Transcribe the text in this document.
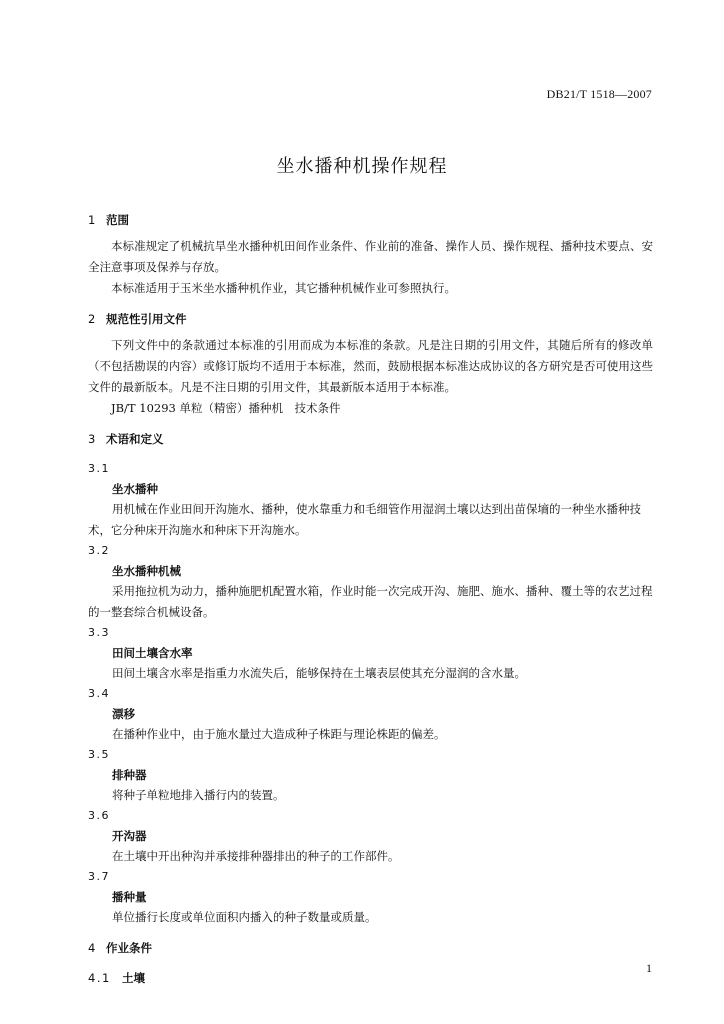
DB21/T 1518—2007
坐水播种机操作规程
1 范围

本标准规定了机械抗旱坐水播种机田间作业条件、作业前的准备、操作人员、操作规程、播种技术要点、安全注意事项及保养与存放。

本标准适用于玉米坐水播种机作业，其它播种机械作业可参照执行。

2 规范性引用文件

下列文件中的条款通过本标准的引用而成为本标准的条款。凡是注日期的引用文件，其随后所有的修改单（不包括勘误的内容）或修订版均不适用于本标准，然而，鼓励根据本标准达成协议的各方研究是否可使用这些文件的最新版本。凡是不注日期的引用文件，其最新版本适用于本标准。

JB/T 10293 单粒（精密）播种机　技术条件

3 术语和定义
3.1
坐水播种

用机械在作业田间开沟施水、播种，使水靠重力和毛细管作用湿润土壤以达到出苗保墒的一种坐水播种技术，它分种床开沟施水和种床下开沟施水。

3.2
坐水播种机械

采用拖拉机为动力，播种施肥机配置水箱，作业时能一次完成开沟、施肥、施水、播种、覆土等的农艺过程的一整套综合机械设备。

3.3
田间土壤含水率

田间土壤含水率是指重力水流失后，能够保持在土壤表层使其充分湿润的含水量。

3.4
漂移

在播种作业中，由于施水量过大造成种子株距与理论株距的偏差。

3.5
排种器

将种子单粒地排入播行内的装置。

3.6
开沟器

在土壤中开出种沟并承接排种器排出的种子的工作部件。

3.7
播种量

单位播行长度或单位面积内播入的种子数量或质量。

4 作业条件
4.1 土壤
1
